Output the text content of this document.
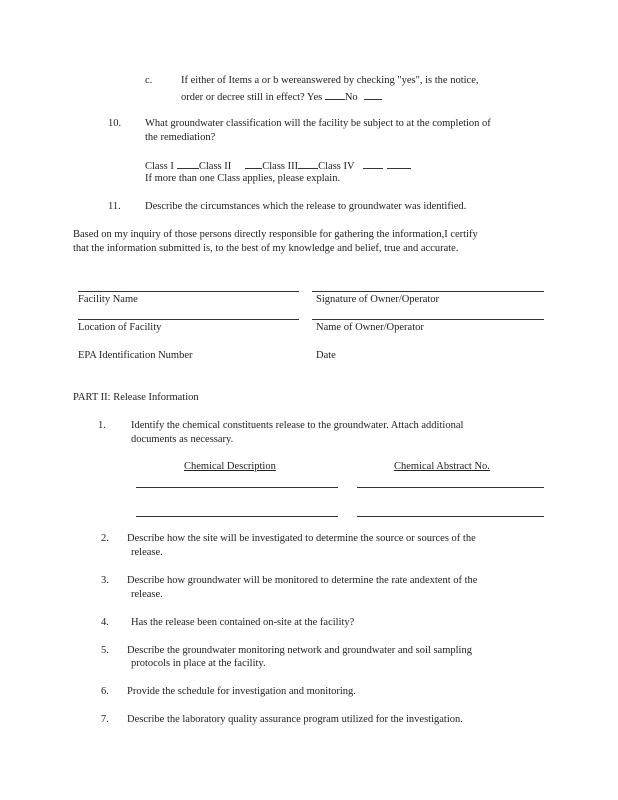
c.	If either of Items a or b wereanswered by checking "yes", is the notice,
order or decree still in effect? Yes No
10. What groundwater classification will the facility be subject to at the completion of
the remediation?
Class I Class II	Class III Class IV
If more than one Class applies, please explain.
11. Describe the circumstances which the release to groundwater was identified.
Based on my inquiry of those persons directly responsible for gathering the information,I certify
that the information submitted is, to the best of my knowledge and belief, true and accurate.
Facility Name	Signature of Owner/Operator
Location of Facility	Name of Owner/Operator
EPA Identification Number	Date
PART II: Release Information
1. Identify the chemical constituents release to the groundwater. Attach additional
documents as necessary.
Chemical Description	Chemical Abstract No.
2. Describe how the site will be investigated to determine the source or sources of the
release.
3. Describe how groundwater will be monitored to determine the rate andextent of the
release.
4. Has the release been contained on-site at the facility?
5. Describe the groundwater monitoring network and groundwater and soil sampling
protocols in place at the facility.
6. Provide the schedule for investigation and monitoring.
7. Describe the laboratory quality assurance program utilized for the investigation.
